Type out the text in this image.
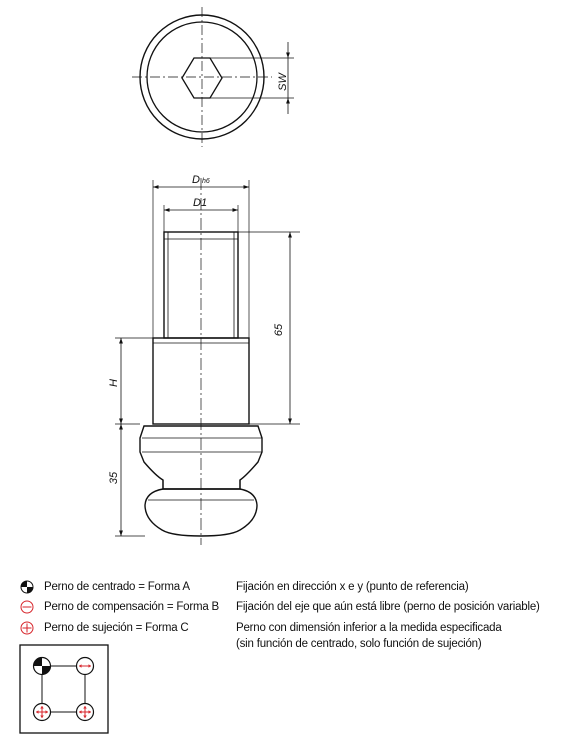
SW
Dh6
D1
65
H
35
Perno de centrado = Forma A	Fijación en dirección x e y (punto de referencia)
Perno de compensación = Forma B Fijación del eje que aún está libre (perno de posición variable)
Perno de sujeción = Forma C	Perno con dimensión inferior a la medida especificada
(sin función de centrado, solo función de sujeción)
